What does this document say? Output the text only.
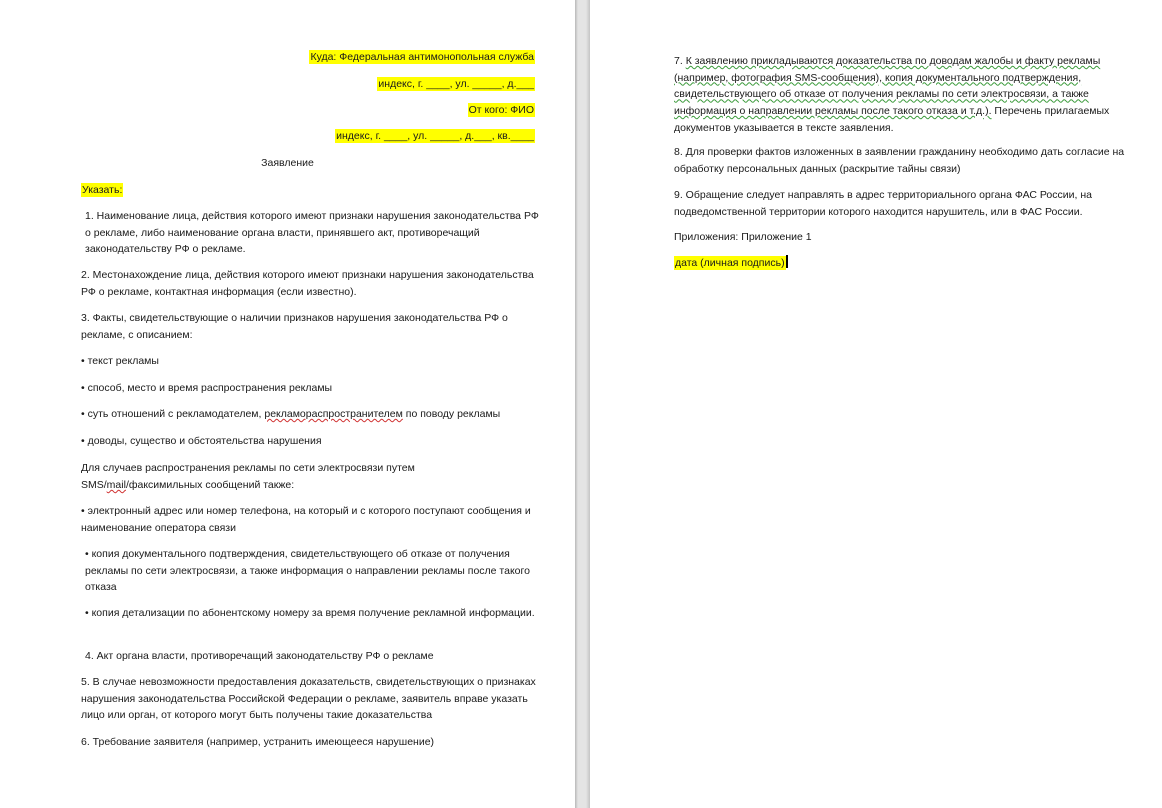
Куда: Федеральная антимонопольная служба
индекс, г. ____, ул. _____, д.___
От кого: ФИО
индекс, г. ____, ул. _____, д.___, кв.____
Заявление
Указать:
1. Наименование лица, действия которого имеют признаки нарушения законодательства РФ о рекламе, либо наименование органа власти, принявшего акт, противоречащий законодательству РФ о рекламе.
2. Местонахождение лица, действия которого имеют признаки нарушения законодательства РФ о рекламе, контактная информация (если известно).
3. Факты, свидетельствующие о наличии признаков нарушения законодательства РФ о рекламе, с описанием:
• текст рекламы
• способ, место и время распространения рекламы
• суть отношений с рекламодателем, рекламораспространителем по поводу рекламы
• доводы, существо и обстоятельства нарушения
Для случаев распространения рекламы по сети электросвязи путем
SMS/mail/факсимильных сообщений также:
• электронный адрес или номер телефона, на который и с которого поступают сообщения и наименование оператора связи
• копия документального подтверждения, свидетельствующего об отказе от получения рекламы по сети электросвязи, а также информация о направлении рекламы после такого отказа
• копия детализации по абонентскому номеру за время получение рекламной информации.
4. Акт органа власти, противоречащий законодательству РФ о рекламе
5. В случае невозможности предоставления доказательств, свидетельствующих о признаках нарушения законодательства Российской Федерации о рекламе, заявитель вправе указать лицо или орган, от которого могут быть получены такие доказательства
6. Требование заявителя (например, устранить имеющееся нарушение)
7. К заявлению прикладываются доказательства по доводам жалобы и факту рекламы (например, фотография SMS-сообщения), копия документального подтверждения, свидетельствующего об отказе от получения рекламы по сети электросвязи, а также информация о направлении рекламы после такого отказа и т.д.). Перечень прилагаемых документов указывается в тексте заявления.
8. Для проверки фактов изложенных в заявлении гражданину необходимо дать согласие на обработку персональных данных (раскрытие тайны связи)
9. Обращение следует направлять в адрес территориального органа ФАС России, на подведомственной территории которого находится нарушитель, или в ФАС России.
Приложения: Приложение 1
дата (личная подпись)
